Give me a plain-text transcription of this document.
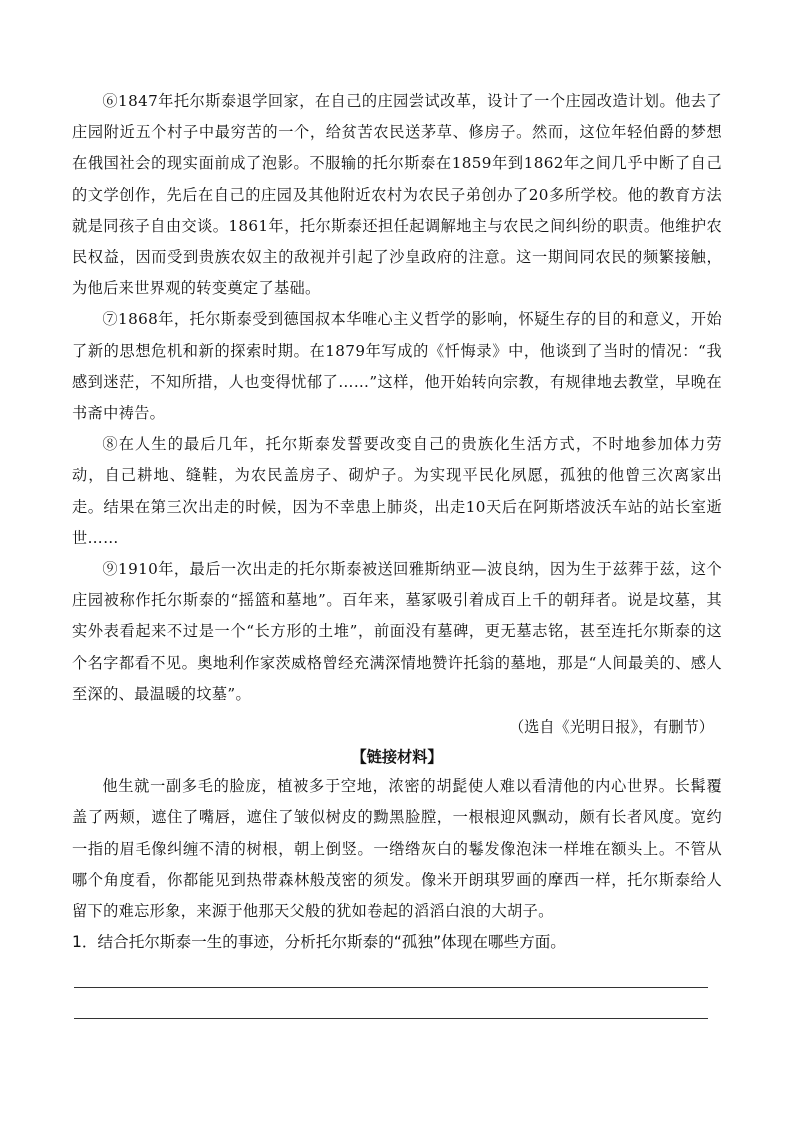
⑥1847年托尔斯泰退学回家，在自己的庄园尝试改革，设计了一个庄园改造计划。他去了庄园附近五个村子中最穷苦的一个，给贫苦农民送茅草、修房子。然而，这位年轻伯爵的梦想在俄国社会的现实面前成了泡影。不服输的托尔斯泰在1859年到1862年之间几乎中断了自己的文学创作，先后在自己的庄园及其他附近农村为农民子弟创办了20多所学校。他的教育方法就是同孩子自由交谈。1861年，托尔斯泰还担任起调解地主与农民之间纠纷的职责。他维护农民权益，因而受到贵族农奴主的敌视并引起了沙皇政府的注意。这一期间同农民的频繁接触，为他后来世界观的转变奠定了基础。

⑦1868年，托尔斯泰受到德国叔本华唯心主义哲学的影响，怀疑生存的目的和意义，开始了新的思想危机和新的探索时期。在1879年写成的《忏悔录》中，他谈到了当时的情况：“我感到迷茫，不知所措，人也变得忧郁了……”这样，他开始转向宗教，有规律地去教堂，早晚在书斋中祷告。

⑧在人生的最后几年，托尔斯泰发誓要改变自己的贵族化生活方式，不时地参加体力劳动，自己耕地、缝鞋，为农民盖房子、砌炉子。为实现平民化夙愿，孤独的他曾三次离家出走。结果在第三次出走的时候，因为不幸患上肺炎，出走10天后在阿斯塔波沃车站的站长室逝世……

⑨1910年，最后一次出走的托尔斯泰被送回雅斯纳亚—波良纳，因为生于兹葬于兹，这个庄园被称作托尔斯泰的“摇篮和墓地”。百年来，墓冢吸引着成百上千的朝拜者。说是坟墓，其实外表看起来不过是一个“长方形的土堆”，前面没有墓碑，更无墓志铭，甚至连托尔斯泰的这个名字都看不见。奥地利作家茨威格曾经充满深情地赞许托翁的墓地，那是“人间最美的、感人至深的、最温暖的坟墓”。

（选自《光明日报》，有删节）

【链接材料】

他生就一副多毛的脸庞，植被多于空地，浓密的胡髭使人难以看清他的内心世界。长髯覆盖了两颊，遮住了嘴唇，遮住了皱似树皮的黝黑脸膛，一根根迎风飘动，颇有长者风度。宽约一指的眉毛像纠缠不清的树根，朝上倒竖。一绺绺灰白的鬈发像泡沫一样堆在额头上。不管从哪个角度看，你都能见到热带森林般茂密的须发。像米开朗琪罗画的摩西一样，托尔斯泰给人留下的难忘形象，来源于他那天父般的犹如卷起的滔滔白浪的大胡子。

1．结合托尔斯泰一生的事迹，分析托尔斯泰的“孤独”体现在哪些方面。
